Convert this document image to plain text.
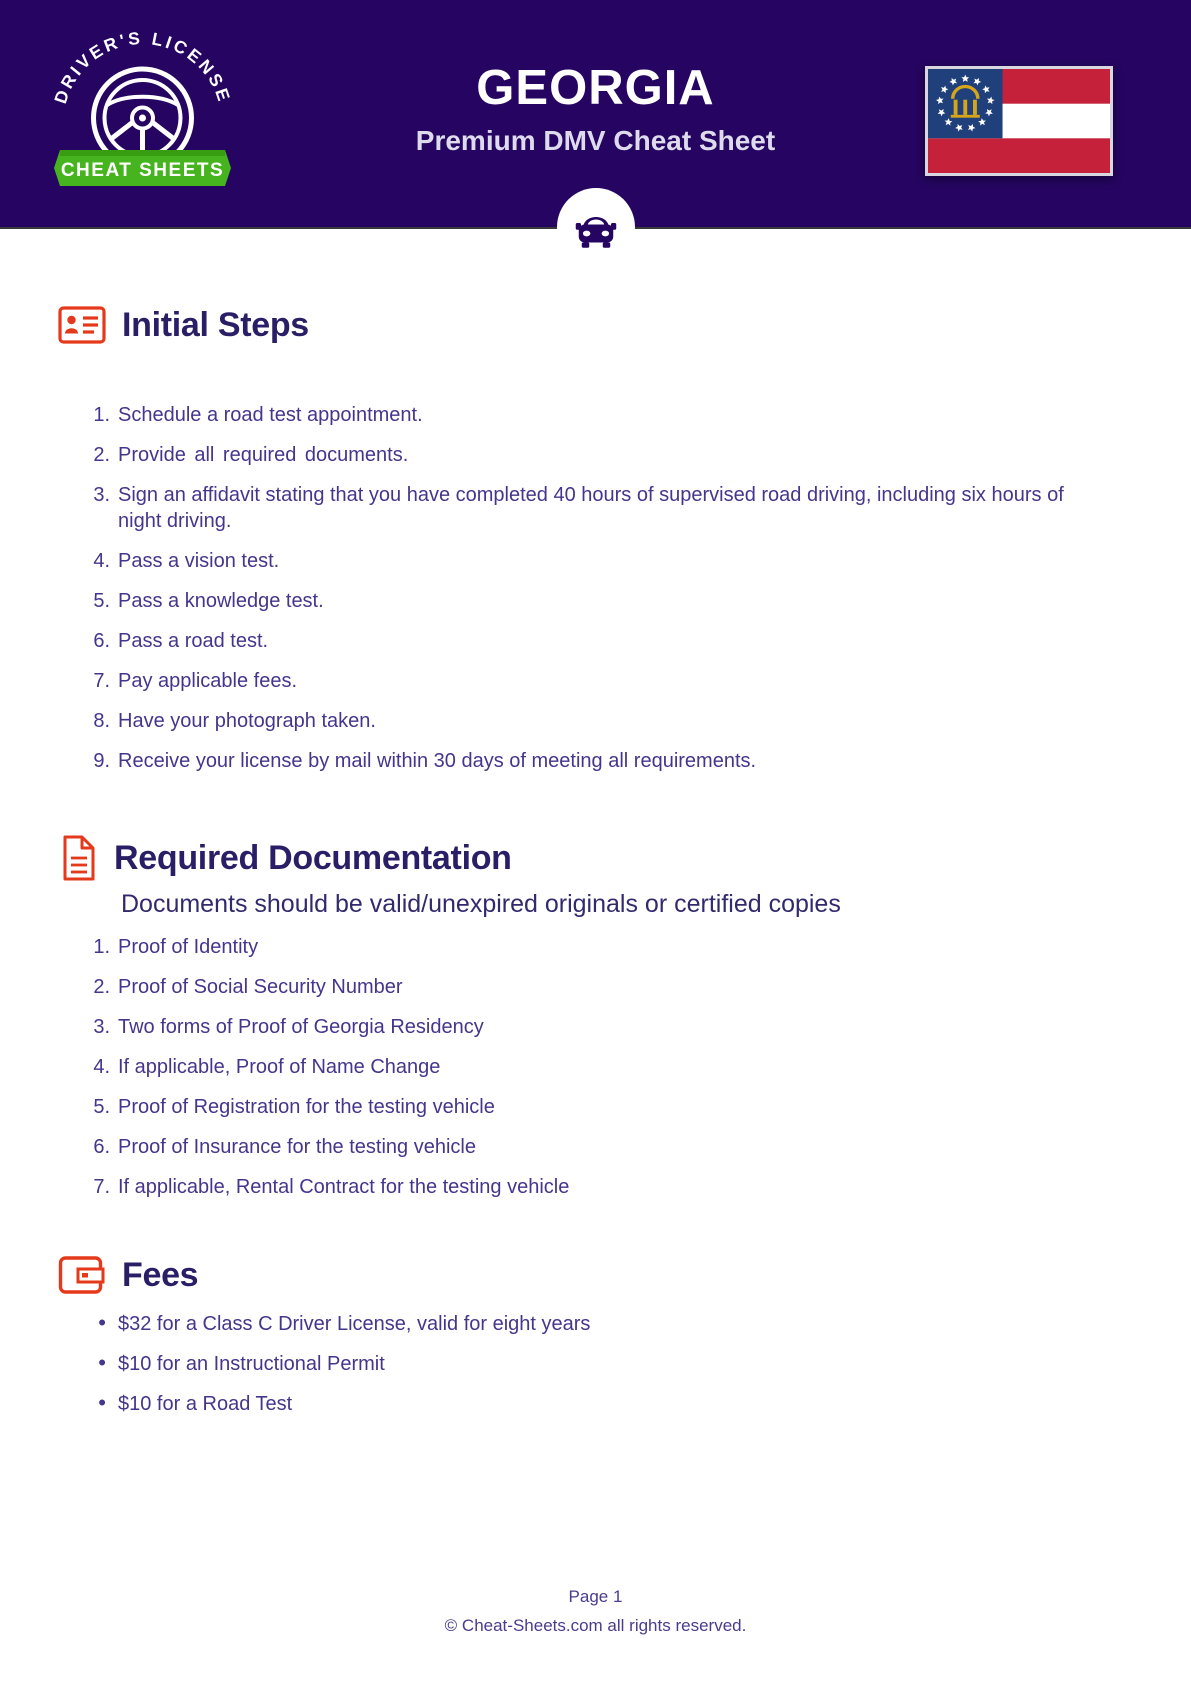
DRIVER'S LICENSE
CHEAT SHEETS
GEORGIA
Premium DMV Cheat Sheet
Initial Steps
Schedule a road test appointment.
Provide all required documents.
Sign an affidavit stating that you have completed 40 hours of supervised road driving, including six hours of night driving.
Pass a vision test.
Pass a knowledge test.
Pass a road test.
Pay applicable fees.
Have your photograph taken.
Receive your license by mail within 30 days of meeting all requirements.
Required Documentation
Documents should be valid/unexpired originals or certified copies
Proof of Identity
Proof of Social Security Number
Two forms of Proof of Georgia Residency
If applicable, Proof of Name Change
Proof of Registration for the testing vehicle
Proof of Insurance for the testing vehicle
If applicable, Rental Contract for the testing vehicle
Fees
• $32 for a Class C Driver License, valid for eight years
• $10 for an Instructional Permit
• $10 for a Road Test
Page 1
© Cheat-Sheets.com all rights reserved.
